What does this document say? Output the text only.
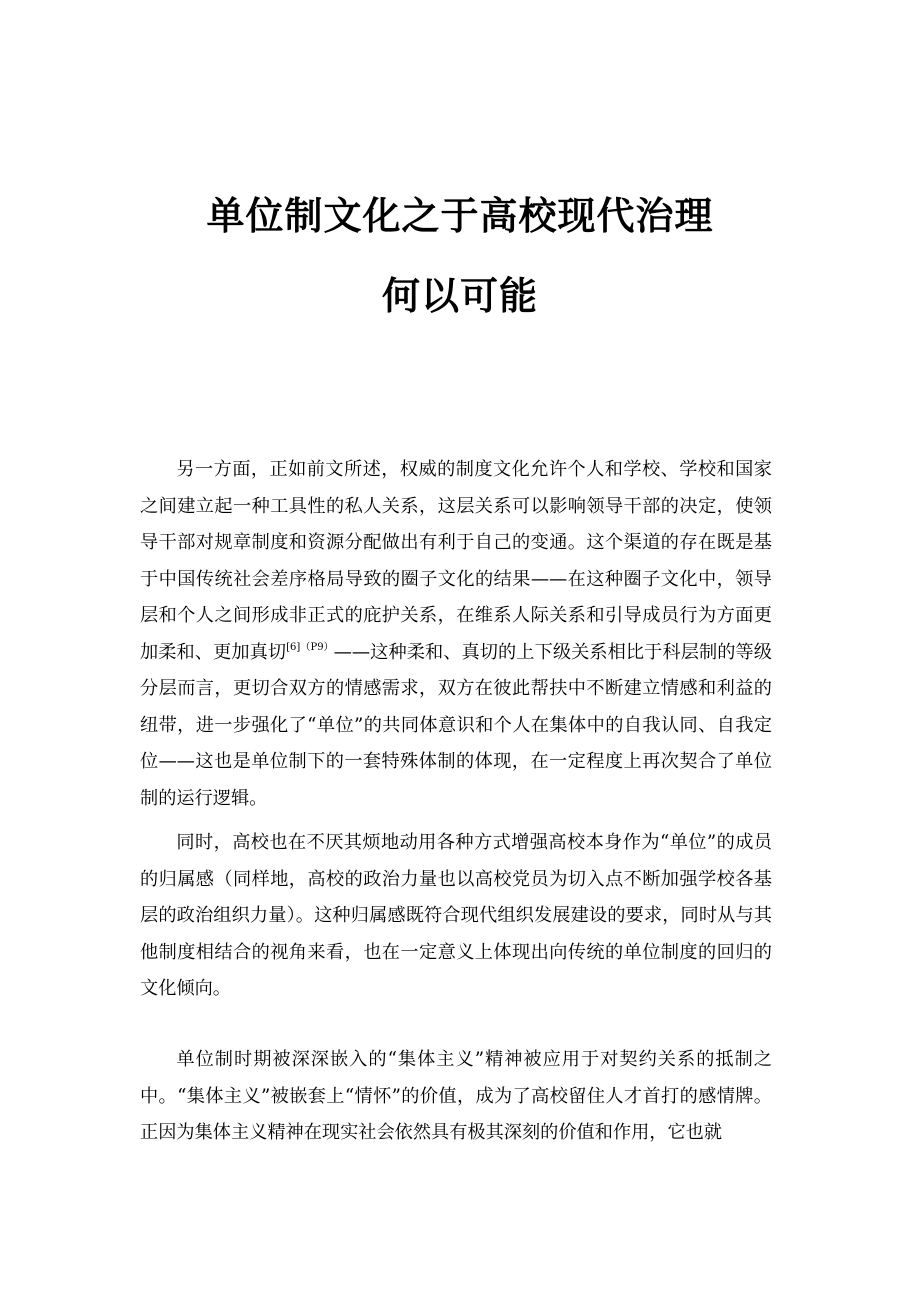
单位制文化之于高校现代治理
何以可能

另一方面，正如前文所述，权威的制度文化允许个人和学校、学校和国家之间建立起一种工具性的私人关系，这层关系可以影响领导干部的决定，使领导干部对规章制度和资源分配做出有利于自己的变通。这个渠道的存在既是基于中国传统社会差序格局导致的圈子文化的结果——在这种圈子文化中，领导层和个人之间形成非正式的庇护关系，在维系人际关系和引导成员行为方面更加柔和、更加真切$^{[6](P9)}$——这种柔和、真切的上下级关系相比于科层制的等级分层而言，更切合双方的情感需求，双方在彼此帮扶中不断建立情感和利益的纽带，进一步强化了“单位”的共同体意识和个人在集体中的自我认同、自我定位——这也是单位制下的一套特殊体制的体现，在一定程度上再次契合了单位制的运行逻辑。

同时，高校也在不厌其烦地动用各种方式增强高校本身作为“单位”的成员的归属感（同样地，高校的政治力量也以高校党员为切入点不断加强学校各基层的政治组织力量）。这种归属感既符合现代组织发展建设的要求，同时从与其他制度相结合的视角来看，也在一定意义上体现出向传统的单位制度的回归的文化倾向。

单位制时期被深深嵌入的“集体主义”精神被应用于对契约关系的抵制之中。“集体主义”被嵌套上“情怀”的价值，成为了高校留住人才首打的感情牌。正因为集体主义精神在现实社会依然具有极其深刻的价值和作用，它也就
